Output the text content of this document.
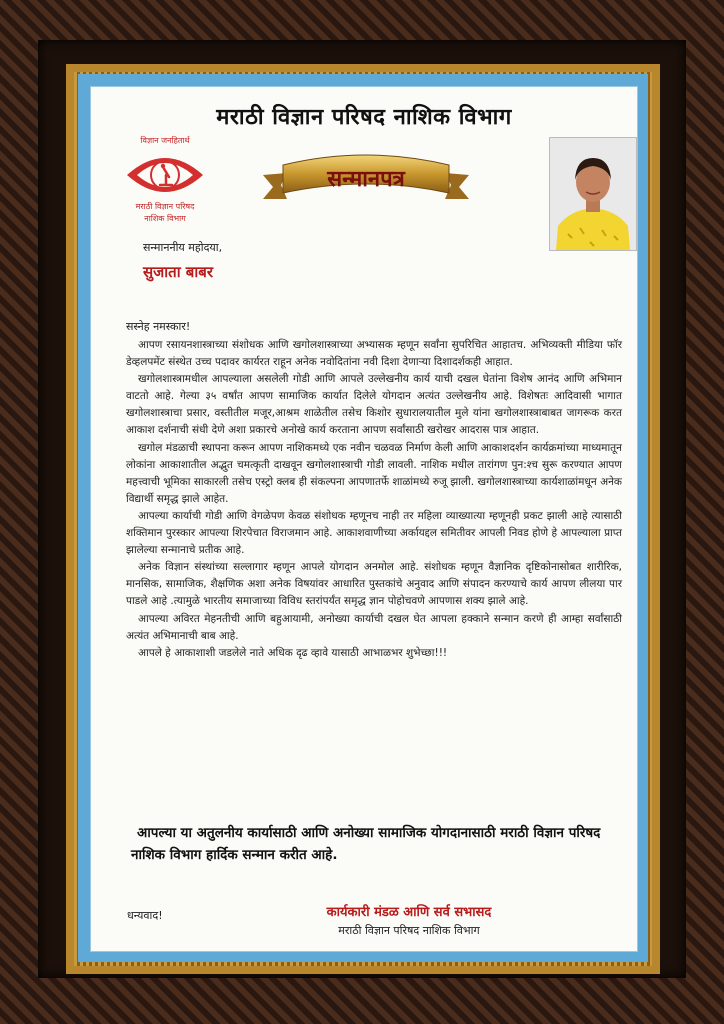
मराठी विज्ञान परिषद नाशिक विभाग
विज्ञान जनहितार्थ
मराठी विज्ञान परिषद
नाशिक विभाग
सन्मानपत्र
सन्माननीय महोदया,
सुजाता बाबर
सस्नेह नमस्कार!

आपण रसायनशास्त्राच्या संशोधक आणि खगोलशास्त्राच्या अभ्यासक म्हणून सर्वांना सुपरिचित आहातच. अभिव्यक्ती मीडिया फॉर डेव्हलपमेंट संस्थेत उच्च पदावर कार्यरत राहून अनेक नवोदितांना नवी दिशा देणाऱ्या दिशादर्शकही आहात.

खगोलशास्त्रामधील आपल्याला असलेली गोडी आणि आपले उल्लेखनीय कार्य याची दखल घेतांना विशेष आनंद आणि अभिमान वाटतो आहे. गेल्या ३५ वर्षांत आपण सामाजिक कार्यात दिलेले योगदान अत्यंत उल्लेखनीय आहे. विशेषतः आदिवासी भागात खगोलशास्त्राचा प्रसार, वस्तीतील मजूर,आश्रम शाळेतील तसेच किशोर सुधारालयातील मुले यांना खगोलशास्त्राबाबत जागरूक करत आकाश दर्शनाची संधी देणे अशा प्रकारचे अनोखे कार्य करताना आपण सर्वांसाठी खरोखर आदरास पात्र आहात.

खगोल मंडळाची स्थापना करून आपण नाशिकमध्ये एक नवीन चळवळ निर्माण केली आणि आकाशदर्शन कार्यक्रमांच्या माध्यमातून लोकांना आकाशातील अद्भुत चमत्कृती दाखवून खगोलशास्त्राची गोडी लावली. नाशिक मधील तारांगण पुन:श्च सुरू करण्यात आपण महत्त्वाची भूमिका साकारली तसेच एस्ट्रो क्लब ही संकल्पना आपणातर्फे शाळांमध्ये रुजू झाली. खगोलशास्त्राच्या कार्यशाळांमधून अनेक विद्यार्थी समृद्ध झाले आहेत.

आपल्या कार्याची गोडी आणि वेगळेपण केवळ संशोधक म्हणूनच नाही तर महिला व्याख्यात्या म्हणूनही प्रकट झाली आहे त्यासाठी शक्तिमान पुरस्कार आपल्या शिरपेचात विराजमान आहे. आकाशवाणीच्या अर्कायद्दल समितीवर आपली निवड होणे हे आपल्याला प्राप्त झालेल्या सन्मानाचे प्रतीक आहे.

अनेक विज्ञान संस्थांच्या सल्लागार म्हणून आपले योगदान अनमोल आहे. संशोधक म्हणून वैज्ञानिक दृष्टिकोनासोबत शारीरिक, मानसिक, सामाजिक, शैक्षणिक अशा अनेक विषयांवर आधारित पुस्तकांचे अनुवाद आणि संपादन करण्याचे कार्य आपण लीलया पार पाडले आहे .त्यामुळे भारतीय समाजाच्या विविध स्तरांपर्यंत समृद्ध ज्ञान पोहोचवणे आपणास शक्य झाले आहे.

आपल्या अविरत मेहनतीची आणि बहुआयामी, अनोख्या कार्याची दखल घेत आपला हक्काने सन्मान करणे ही आम्हा सर्वांसाठी अत्यंत अभिमानाची बाब आहे.

आपले हे आकाशाशी जडलेले नाते अधिक दृढ व्हावे यासाठी आभाळभर शुभेच्छा!!!

आपल्या या अतुलनीय कार्यासाठी आणि अनोख्या सामाजिक योगदानासाठी मराठी विज्ञान परिषद नाशिक विभाग हार्दिक सन्मान करीत आहे.

धन्यवाद!	कार्यकारी मंडळ आणि सर्व सभासद
मराठी विज्ञान परिषद नाशिक विभाग
